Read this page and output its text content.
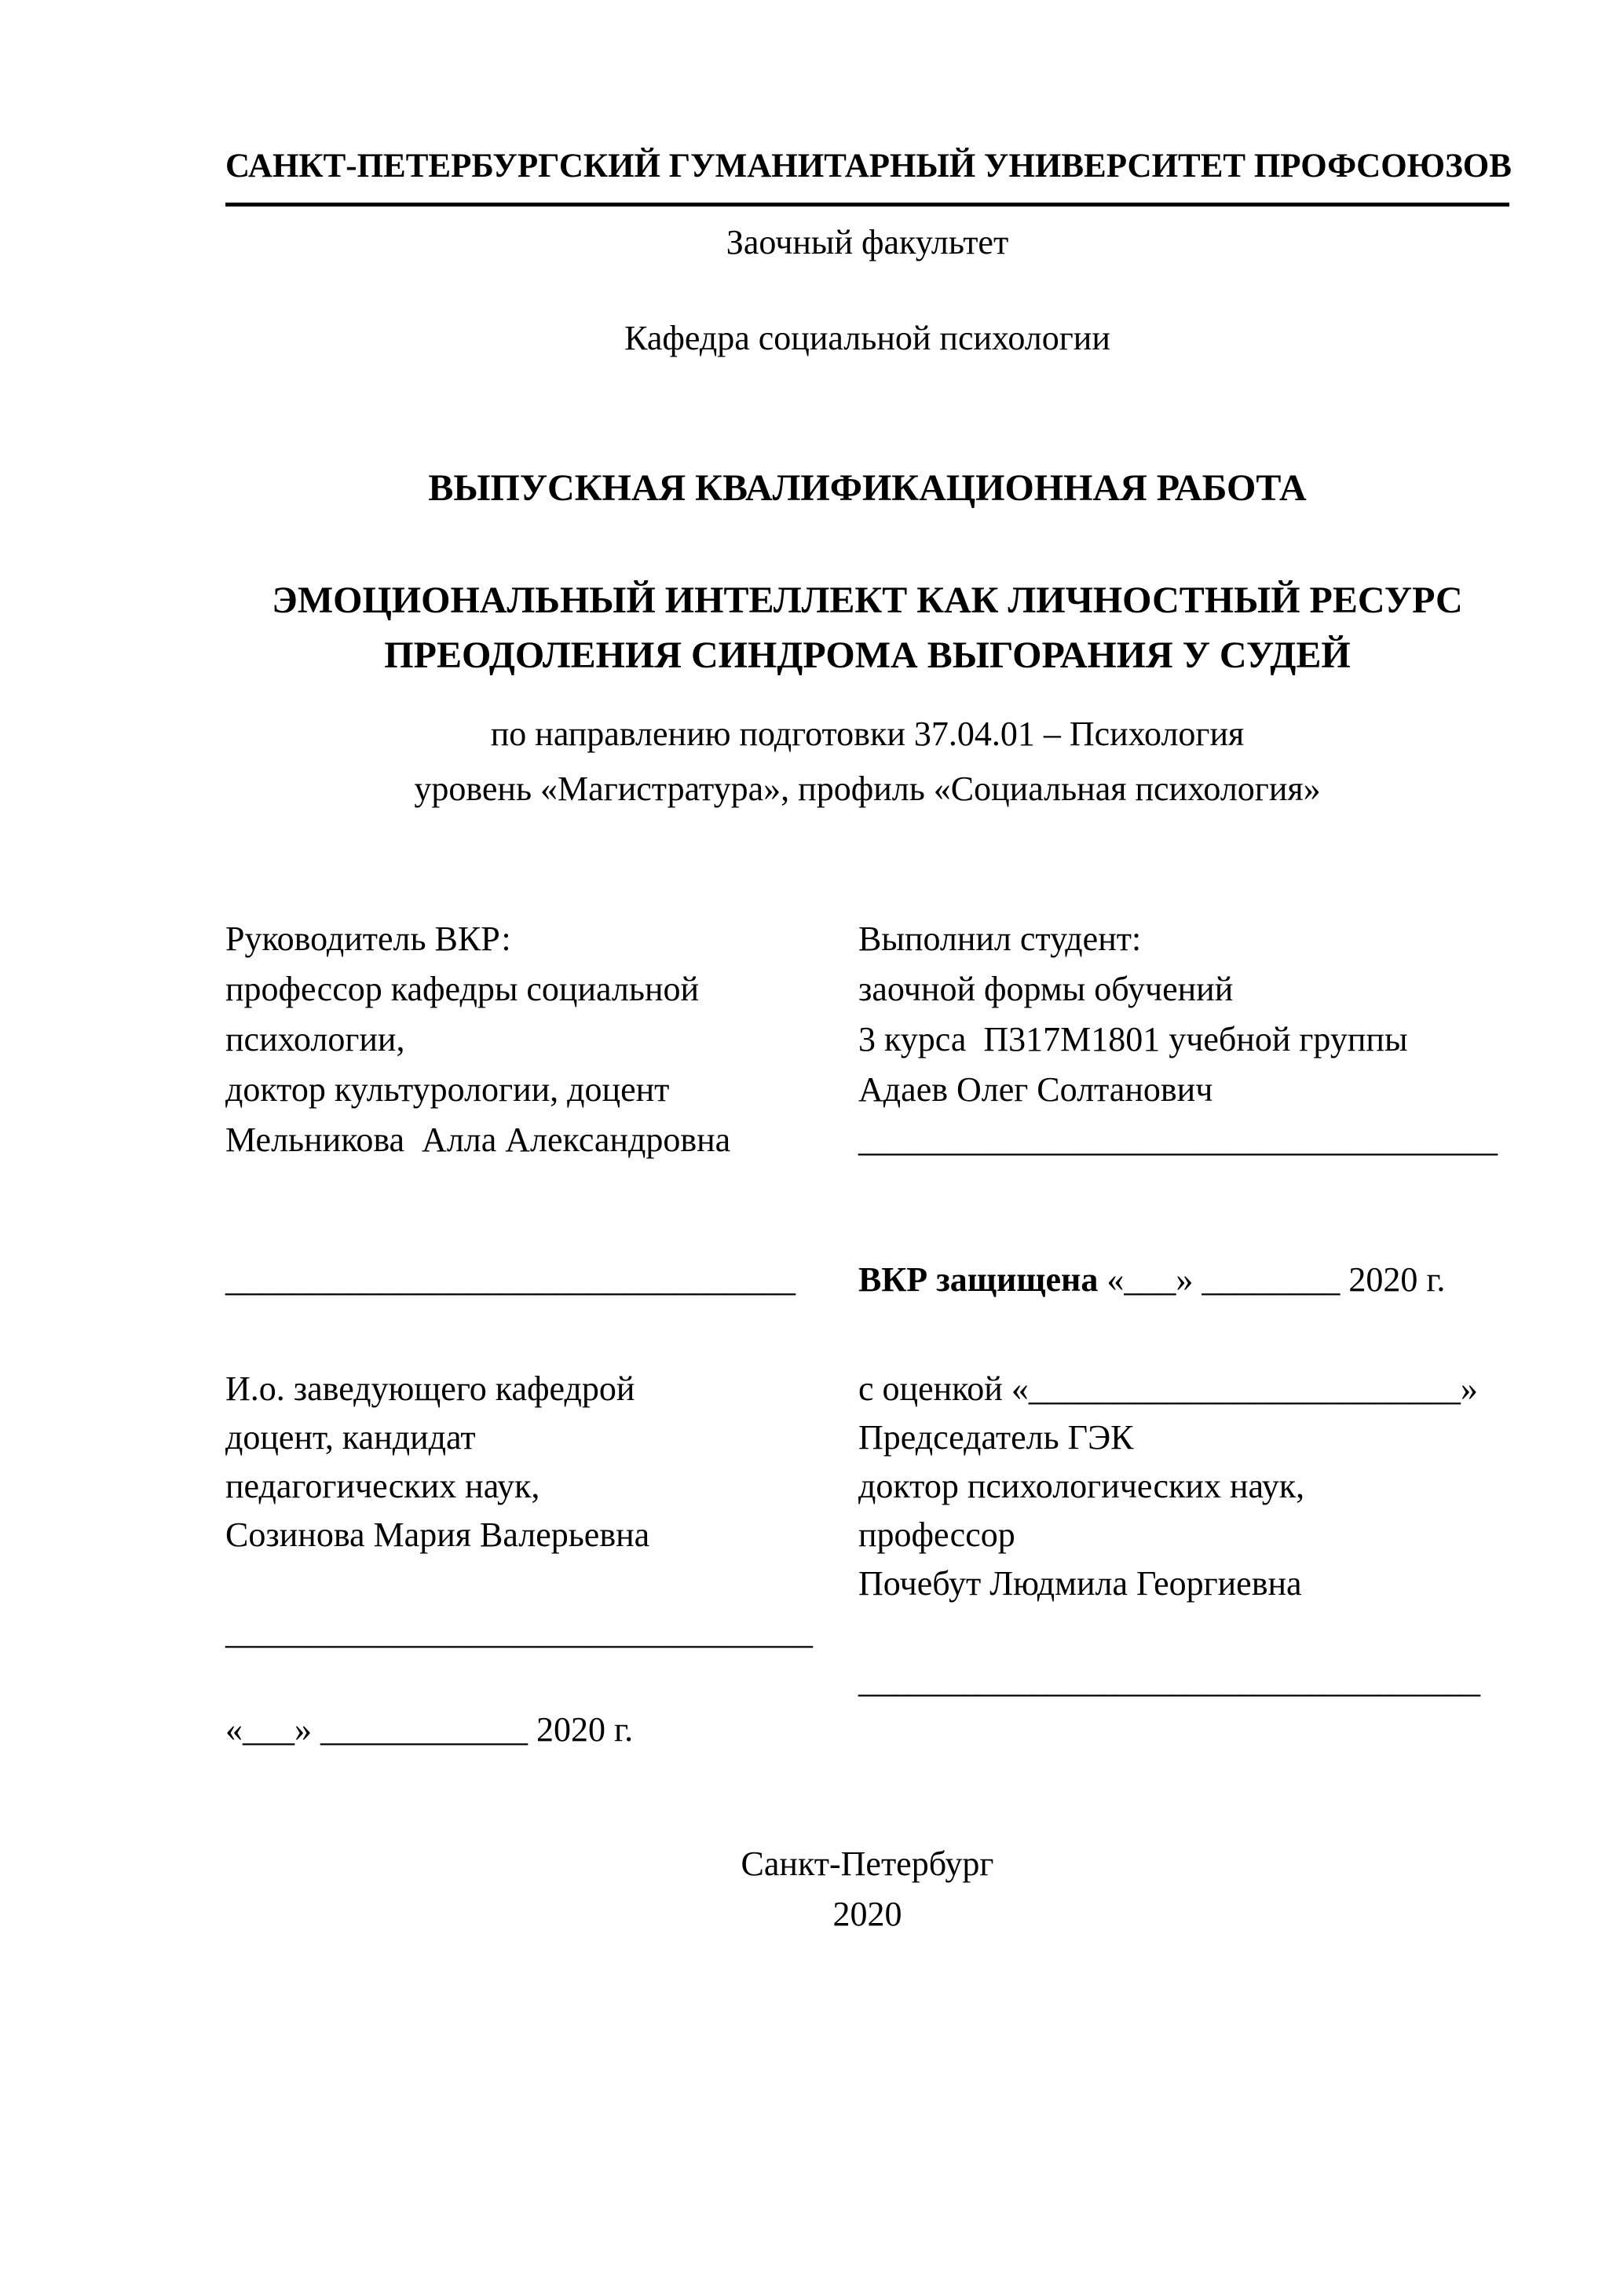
САНКТ-ПЕТЕРБУРГСКИЙ ГУМАНИТАРНЫЙ УНИВЕРСИТЕТ ПРОФСОЮЗОВ
Заочный факультет
Кафедра социальной психологии
ВЫПУСКНАЯ КВАЛИФИКАЦИОННАЯ РАБОТА
ЭМОЦИОНАЛЬНЫЙ ИНТЕЛЛЕКТ КАК ЛИЧНОСТНЫЙ РЕСУРС
ПРЕОДОЛЕНИЯ СИНДРОМА ВЫГОРАНИЯ У СУДЕЙ
по направлению подготовки 37.04.01 – Психология
уровень «Магистратура», профиль «Социальная психология»
Руководитель ВКР:
профессор кафедры социальной
психологии,
доктор культурологии, доцент
Мельникова  Алла Александровна
Выполнил студент:
заочной формы обучений
3 курса  П317М1801 учебной группы
Адаев Олег Солтанович
_____________________________________
_________________________________	ВКР защищена «___» ________ 2020 г.
И.о. заведующего кафедрой
доцент, кандидат
педагогических наук,
Созинова Мария Валерьевна
__________________________________
«___» ____________ 2020 г.
с оценкой «_________________________»
Председатель ГЭК
доктор психологических наук,
профессор
Почебут Людмила Георгиевна
____________________________________
Санкт-Петербург
2020
